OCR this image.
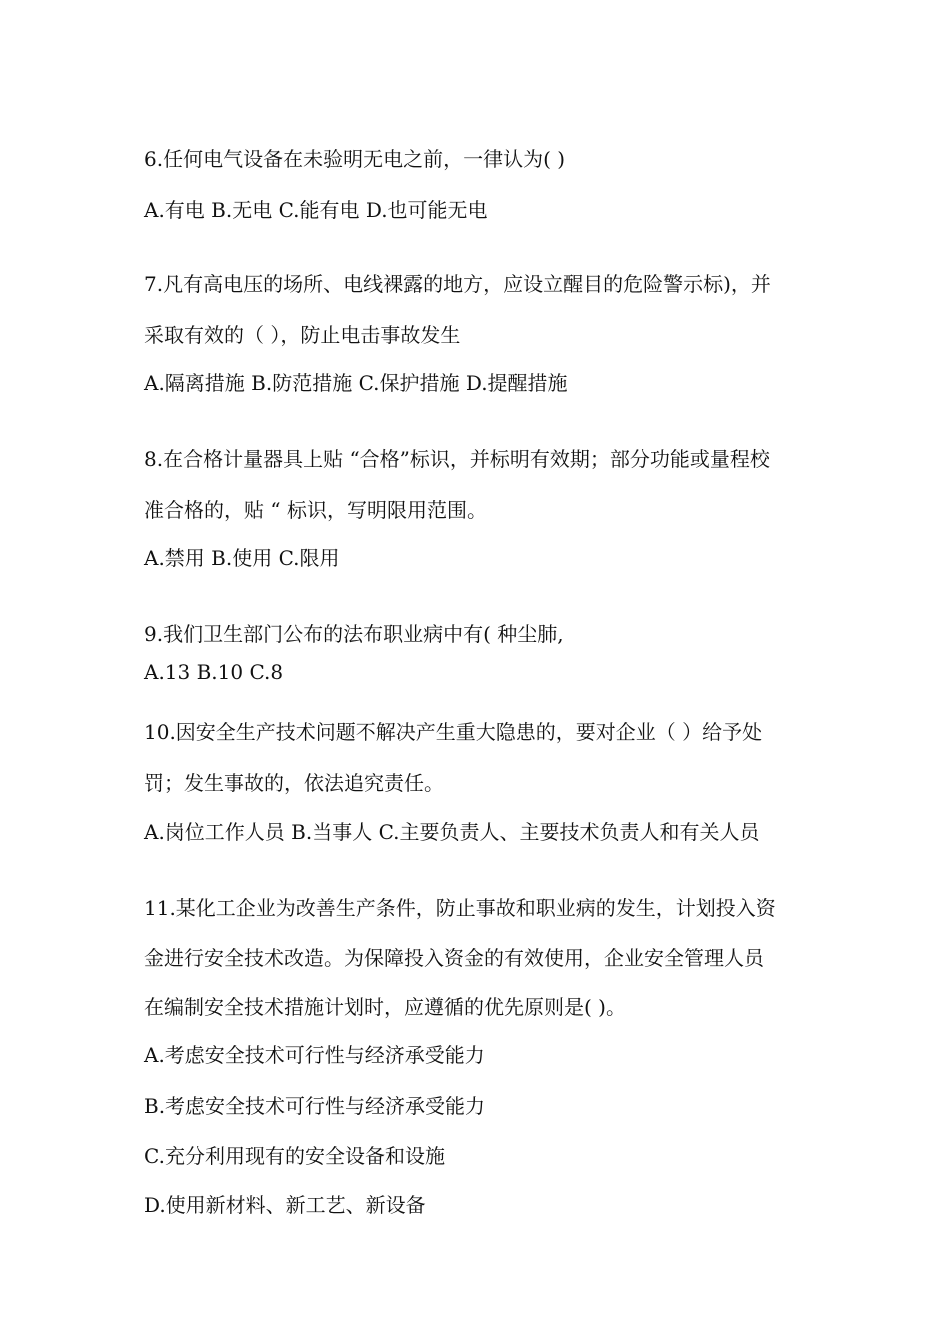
6.任何电气设备在未验明无电之前，一律认为( )
A.有电 B.无电 C.能有电 D.也可能无电
7.凡有高电压的场所、电线裸露的地方，应设立醒目的危险警示标)，并
采取有效的（ ），防止电击事故发生
A.隔离措施 B.防范措施 C.保护措施 D.提醒措施
8.在合格计量器具上贴 “合格”标识，并标明有效期；部分功能或量程校
准合格的，贴 “ 标识，写明限用范围。
A.禁用 B.使用 C.限用
9.我们卫生部门公布的法布职业病中有( 种尘肺,
A.13 B.10 C.8
10.因安全生产技术问题不解决产生重大隐患的，要对企业（ ）给予处
罚；发生事故的，依法追究责任。
A.岗位工作人员 B.当事人 C.主要负责人、主要技术负责人和有关人员
11.某化工企业为改善生产条件，防止事故和职业病的发生，计划投入资
金进行安全技术改造。为保障投入资金的有效使用，企业安全管理人员
在编制安全技术措施计划时，应遵循的优先原则是( )。
A.考虑安全技术可行性与经济承受能力
B.考虑安全技术可行性与经济承受能力
C.充分利用现有的安全设备和设施
D.使用新材料、新工艺、新设备
